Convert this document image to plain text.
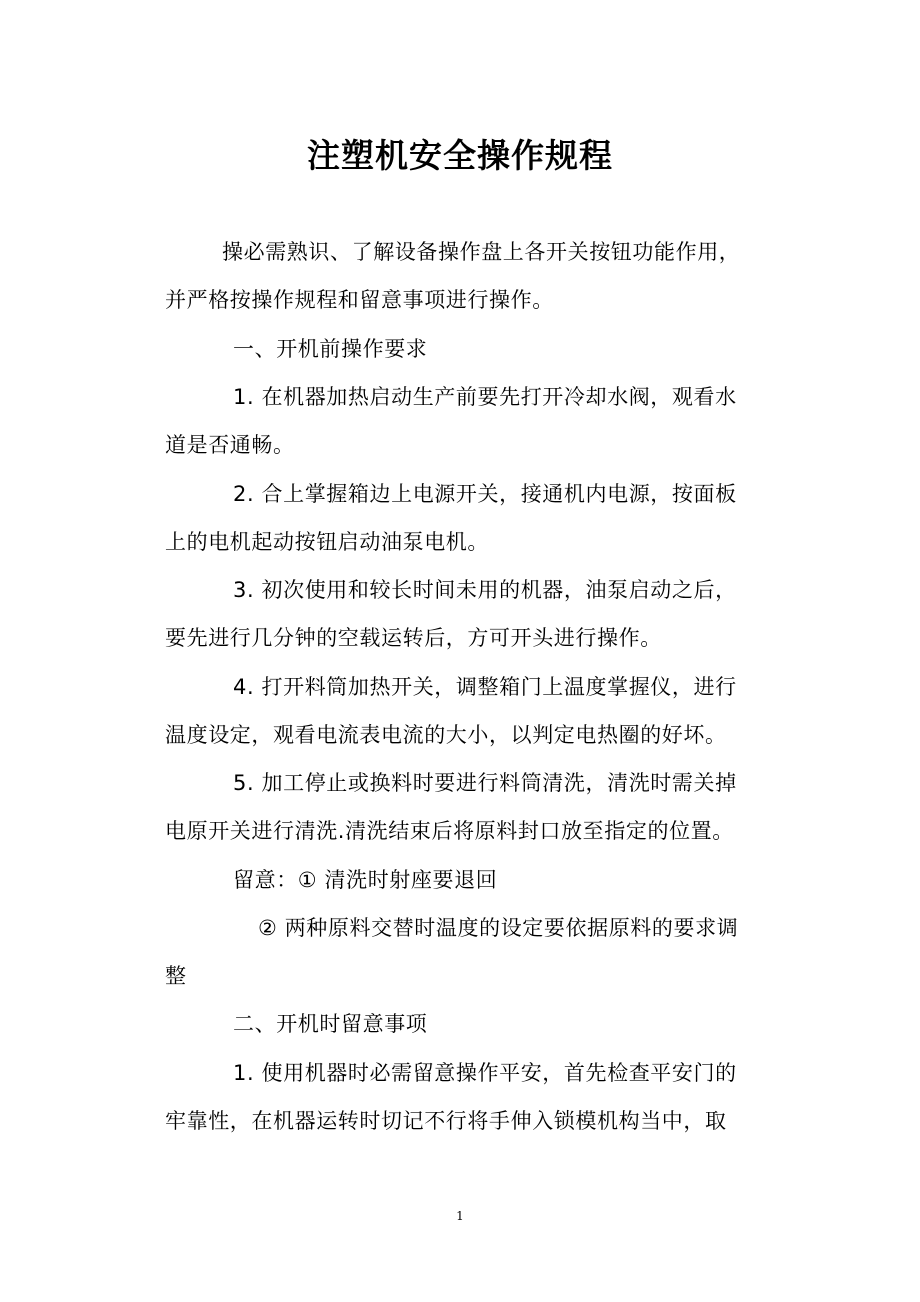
注塑机安全操作规程
操必需熟识、了解设备操作盘上各开关按钮功能作用，
并严格按操作规程和留意事项进行操作。
一、开机前操作要求
1. 在机器加热启动生产前要先打开冷却水阀，观看水
道是否通畅。
2. 合上掌握箱边上电源开关，接通机内电源，按面板
上的电机起动按钮启动油泵电机。
3. 初次使用和较长时间未用的机器，油泵启动之后，
要先进行几分钟的空载运转后，方可开头进行操作。
4. 打开料筒加热开关，调整箱门上温度掌握仪，进行
温度设定，观看电流表电流的大小，以判定电热圈的好坏。
5. 加工停止或换料时要进行料筒清洗，清洗时需关掉
电原开关进行清洗.清洗结束后将原料封口放至指定的位置。
留意：① 清洗时射座要退回
② 两种原料交替时温度的设定要依据原料的要求调
整
二、开机时留意事项
1. 使用机器时必需留意操作平安，首先检查平安门的
牢靠性，在机器运转时切记不行将手伸入锁模机构当中，取
1
